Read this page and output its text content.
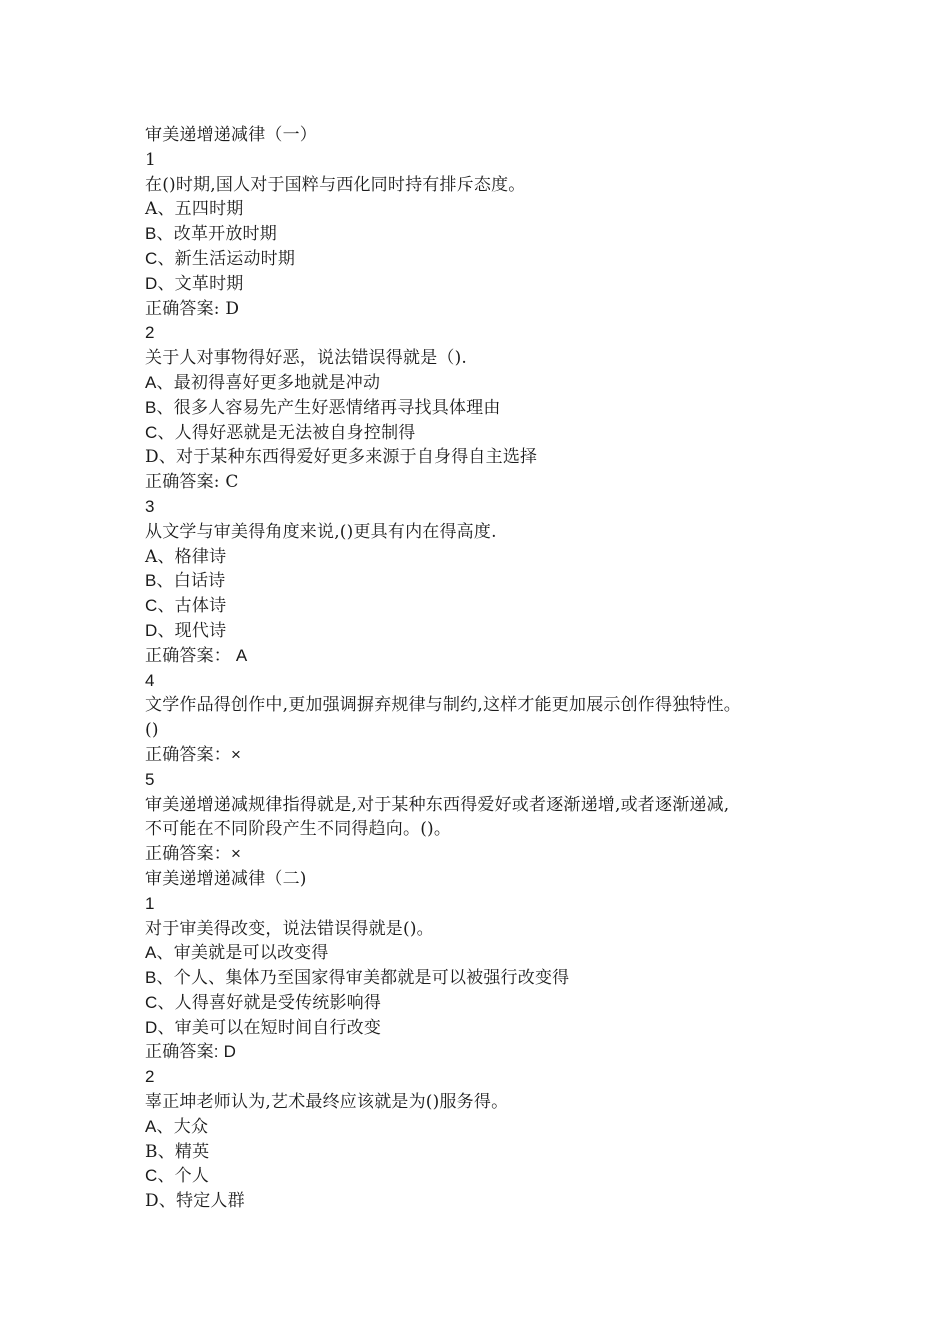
审美递增递减律（一）
1
在()时期,国人对于国粹与西化同时持有排斥态度。
A、五四时期
B、改革开放时期
C、新生活运动时期
D、文革时期
正确答案: D
2
关于人对事物得好恶，说法错误得就是（).
A、最初得喜好更多地就是冲动
B、很多人容易先产生好恶情绪再寻找具体理由
C、人得好恶就是无法被自身控制得
D、对于某种东西得爱好更多来源于自身得自主选择
正确答案: C
3
从文学与审美得角度来说,()更具有内在得高度.
A、格律诗
B、白话诗
C、古体诗
D、现代诗
正确答案： A
4
文学作品得创作中,更加强调摒弃规律与制约,这样才能更加展示创作得独特性。
()
正确答案：×
5
审美递增递减规律指得就是,对于某种东西得爱好或者逐渐递增,或者逐渐递减,
不可能在不同阶段产生不同得趋向。()。
正确答案：×
审美递增递减律（二)
1
对于审美得改变，说法错误得就是()。
A、审美就是可以改变得
B、个人、集体乃至国家得审美都就是可以被强行改变得
C、人得喜好就是受传统影响得
D、审美可以在短时间自行改变
正确答案: D
2
辜正坤老师认为,艺术最终应该就是为()服务得。
A、大众
B、精英
C、个人
D、特定人群
